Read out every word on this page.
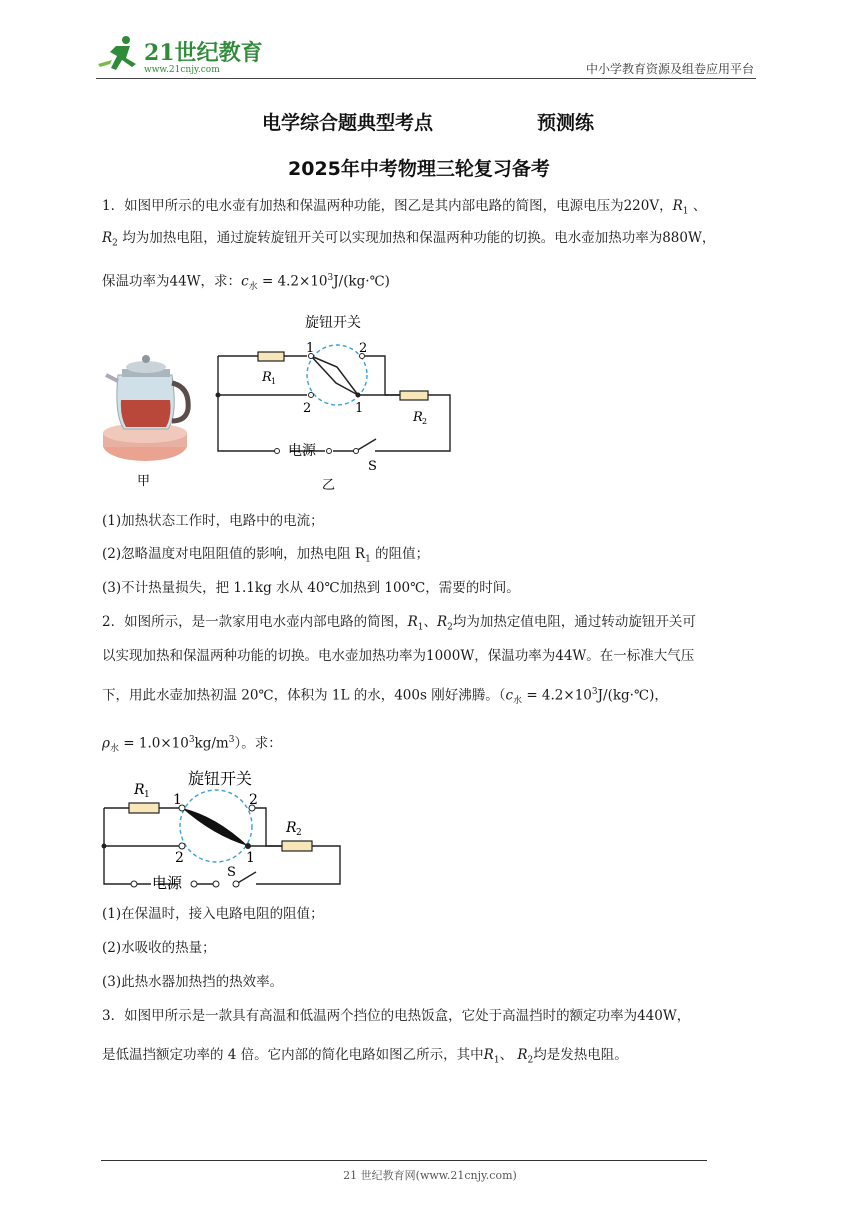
21世纪教育
www.21cnjy.com	中小学教育资源及组卷应用平台
电学综合题典型考点	预测练
2025年中考物理三轮复习备考
1．如图甲所示的电水壶有加热和保温两种功能，图乙是其内部电路的简图，电源电压为220V，$R_1$ 、
$R_2$ 均为加热电阻，通过旋转旋钮开关可以实现加热和保温两种功能的切换。电水壶加热功率为880W，
保温功率为44W，求：$c_水$ = $4.2\times 10^3J/(kg\cdot℃)$
甲
旋钮开关
1	2
2	1
R 1
R 2
电源
S
乙
(1)加热状态工作时，电路中的电流；
(2)忽略温度对电阻阻值的影响，加热电阻 $R_1$ 的阻值；
(3)不计热量损失，把 1.1kg 水从 40℃加热到 100℃，需要的时间。
2．如图所示，是一款家用电水壶内部电路的简图，$R_1$、$R_2$均为加热定值电阻，通过转动旋钮开关可
以实现加热和保温两种功能的切换。电水壶加热功率为1000W，保温功率为44W。在一标准大气压
下，用此水壶加热初温 20℃，体积为 1L 的水，400s 刚好沸腾。（$c_水$ = $4.2\times 10^3J/(kg\cdot℃)$，
$\rho_水 = 1.0\times 10^3kg/m^3$）。求：
旋钮开关
1	2
2	1
R 1
R 2
电源
S
(1)在保温时，接入电路电阻的阻值；
(2)水吸收的热量；
(3)此热水器加热挡的热效率。
3．如图甲所示是一款具有高温和低温两个挡位的电热饭盒，它处于高温挡时的额定功率为440W，
是低温挡额定功率的 4 倍。它内部的简化电路如图乙所示，其中$R_1$、 $R_2$均是发热电阻。
21 世纪教育网(www.21cnjy.com)
